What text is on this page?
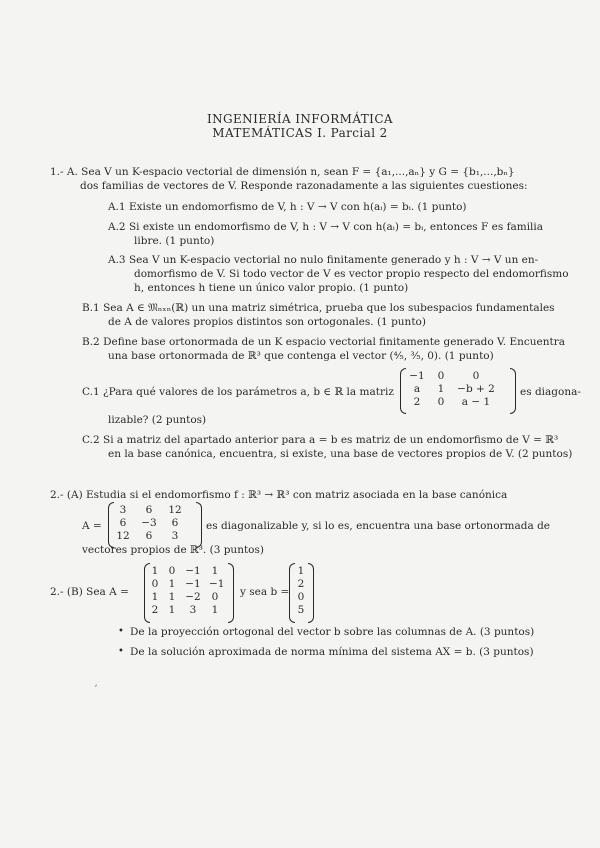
INGENIERÍA INFORMÁTICA
MATEMÁTICAS I. Parcial 2
1.- A. Sea V un K-espacio vectorial de dimensión n, sean F = {a₁,...,aₙ} y G = {b₁,...,bₙ}
dos familias de vectores de V. Responde razonadamente a las siguientes cuestiones:
A.1 Existe un endomorfismo de V, h : V → V con h(aᵢ) = bᵢ. (1 punto)
A.2 Si existe un endomorfismo de V, h : V → V con h(aᵢ) = bᵢ, entonces F es familia
libre. (1 punto)
A.3 Sea V un K-espacio vectorial no nulo finitamente generado y h : V → V un en-
domorfismo de V. Si todo vector de V es vector propio respecto del endomorfismo
h, entonces h tiene un único valor propio. (1 punto)
B.1 Sea A ∈ 𝔐ₙₓₙ(ℝ) un una matriz simétrica, prueba que los subespacios fundamentales
de A de valores propios distintos son ortogonales. (1 punto)
B.2 Define base ortonormada de un K espacio vectorial finitamente generado V. Encuentra
una base ortonormada de ℝ³ que contenga el vector (⁴⁄₅, ³⁄₅, 0). (1 punto)
C.1 ¿Para qué valores de los parámetros a, b ∈ ℝ la matriz
−1 0	0
a	1 −b + 2
2	0	a − 1
es diagona-
lizable? (2 puntos)
C.2 Si a matriz del apartado anterior para a = b es matriz de un endomorfismo de V = ℝ³
en la base canónica, encuentra, si existe, una base de vectores propios de V. (2 puntos)
2.- (A) Estudia si el endomorfismo f : ℝ³ → ℝ³ con matriz asociada en la base canónica
A =
3	6	12
6	−3	6
12	6	3
es diagonalizable y, si lo es, encuentra una base ortonormada de
vectores propios de ℝ³. (3 puntos)
2.- (B) Sea A =
1 0 −1 1
0 1 −1 −1
1 1 −2 0
2 1	3	1
y sea b =
1
2
0
5
• De la proyección ortogonal del vector b sobre las columnas de A. (3 puntos)
• De la solución aproximada de norma mínima del sistema AX = b. (3 puntos)
ʼ
